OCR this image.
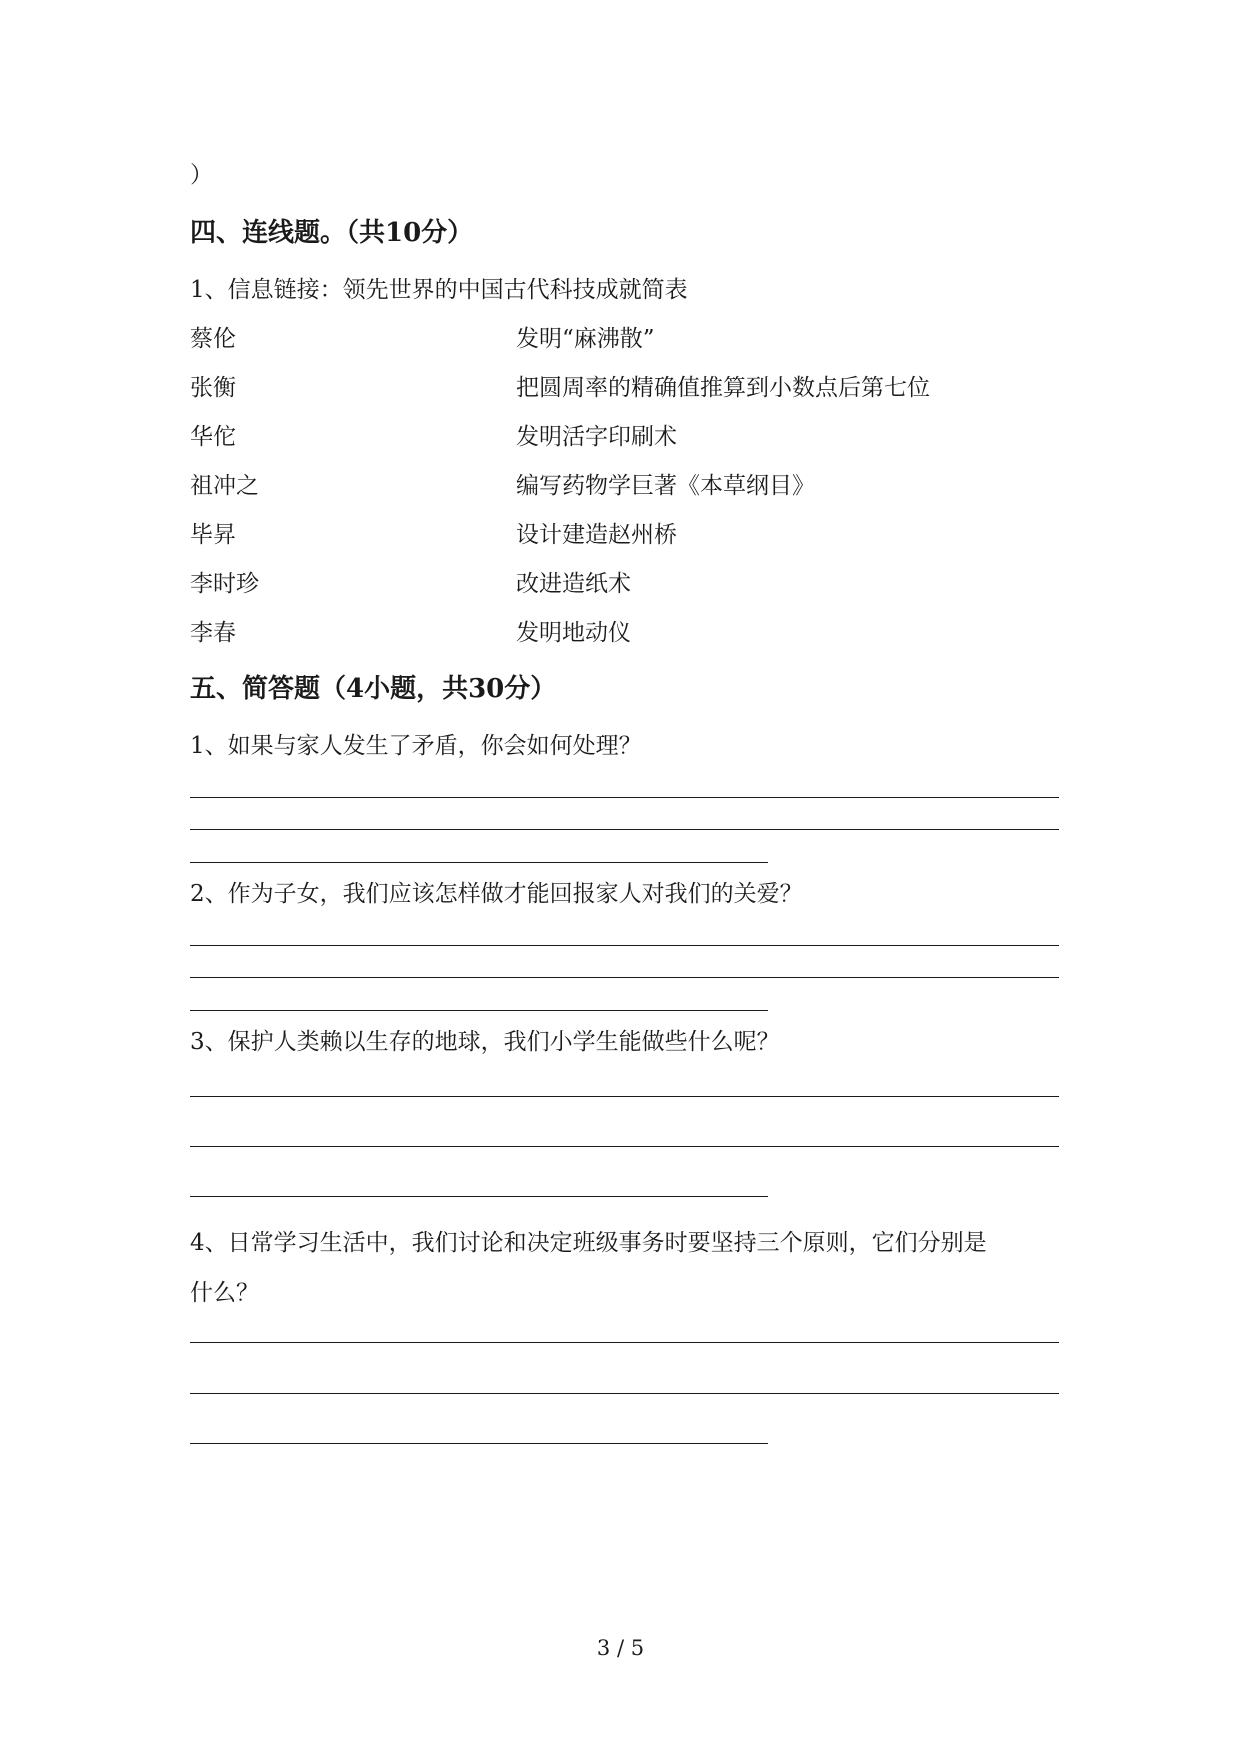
）
四、连线题。（共10分）
1、信息链接：领先世界的中国古代科技成就简表
蔡伦
张衡
华佗
祖冲之
毕昇
李时珍
李春
发明“麻沸散”
把圆周率的精确值推算到小数点后第七位
发明活字印刷术
编写药物学巨著《本草纲目》
设计建造赵州桥
改进造纸术
发明地动仪
五、简答题（4小题，共30分）
1、如果与家人发生了矛盾，你会如何处理？
2、作为子女，我们应该怎样做才能回报家人对我们的关爱？
3、保护人类赖以生存的地球，我们小学生能做些什么呢？
4、日常学习生活中，我们讨论和决定班级事务时要坚持三个原则，它们分别是
什么？
3 / 5
